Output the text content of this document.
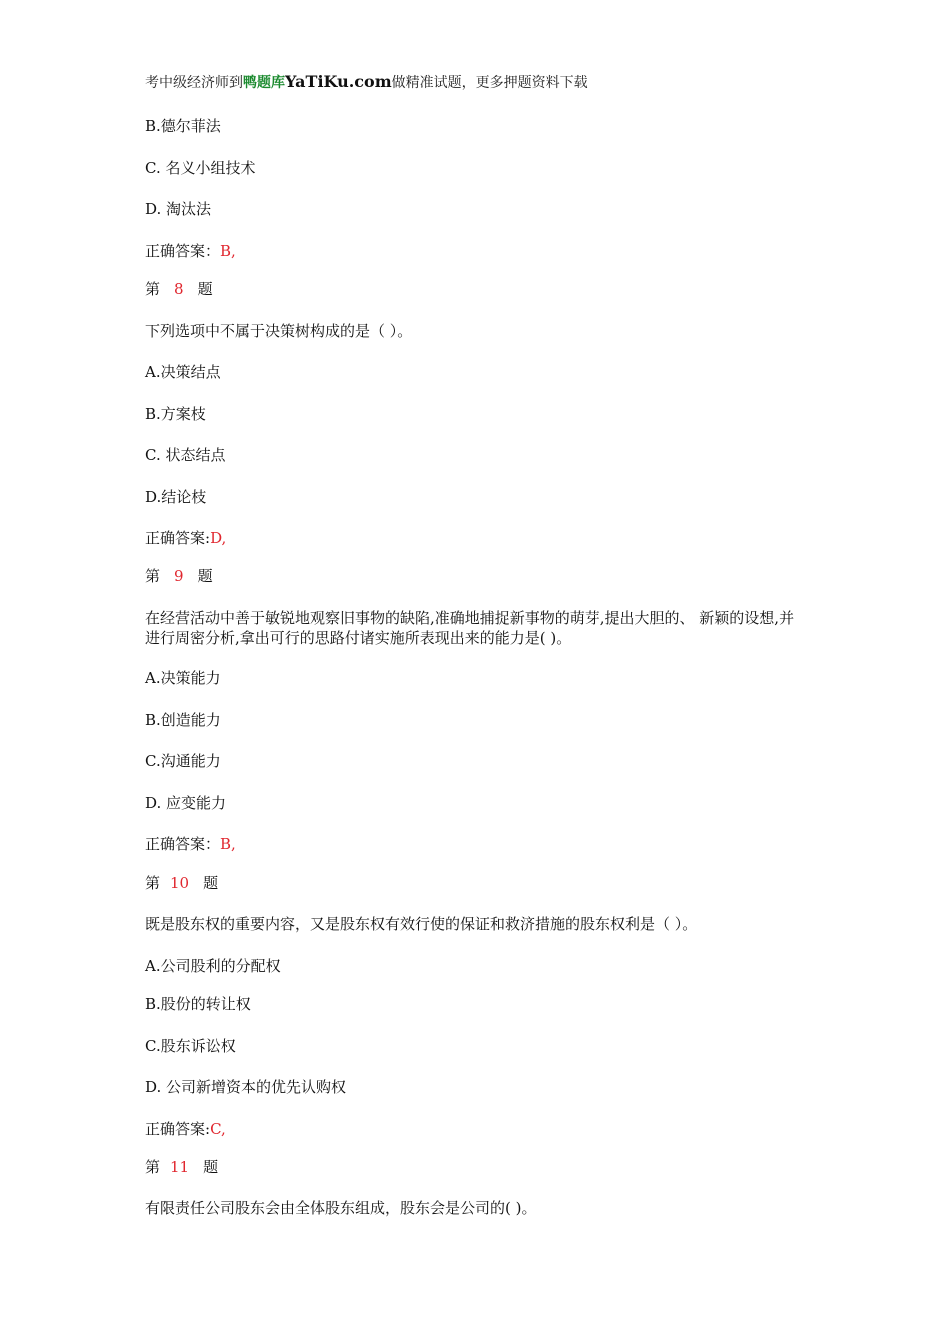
考中级经济师到鸭题库YaTiKu.com做精准试题，更多押题资料下载
B.德尔菲法
C. 名义小组技术
D. 淘汰法
正确答案：B,
第 8 题
下列选项中不属于决策树构成的是（ ）。
A.决策结点
B.方案枝
C. 状态结点
D.结论枝
正确答案:D,
第 9 题
在经营活动中善于敏锐地观察旧事物的缺陷,准确地捕捉新事物的萌芽,提出大胆的、 新颖的设想,并进行周密分析,拿出可行的思路付诸实施所表现出来的能力是( )。
A.决策能力
B.创造能力
C.沟通能力
D. 应变能力
正确答案：B,
第 10 题
既是股东权的重要内容，又是股东权有效行使的保证和救济措施的股东权利是（ ）。
A.公司股利的分配权
B.股份的转让权
C.股东诉讼权
D. 公司新增资本的优先认购权
正确答案:C,
第 11 题
有限责任公司股东会由全体股东组成，股东会是公司的( )。
